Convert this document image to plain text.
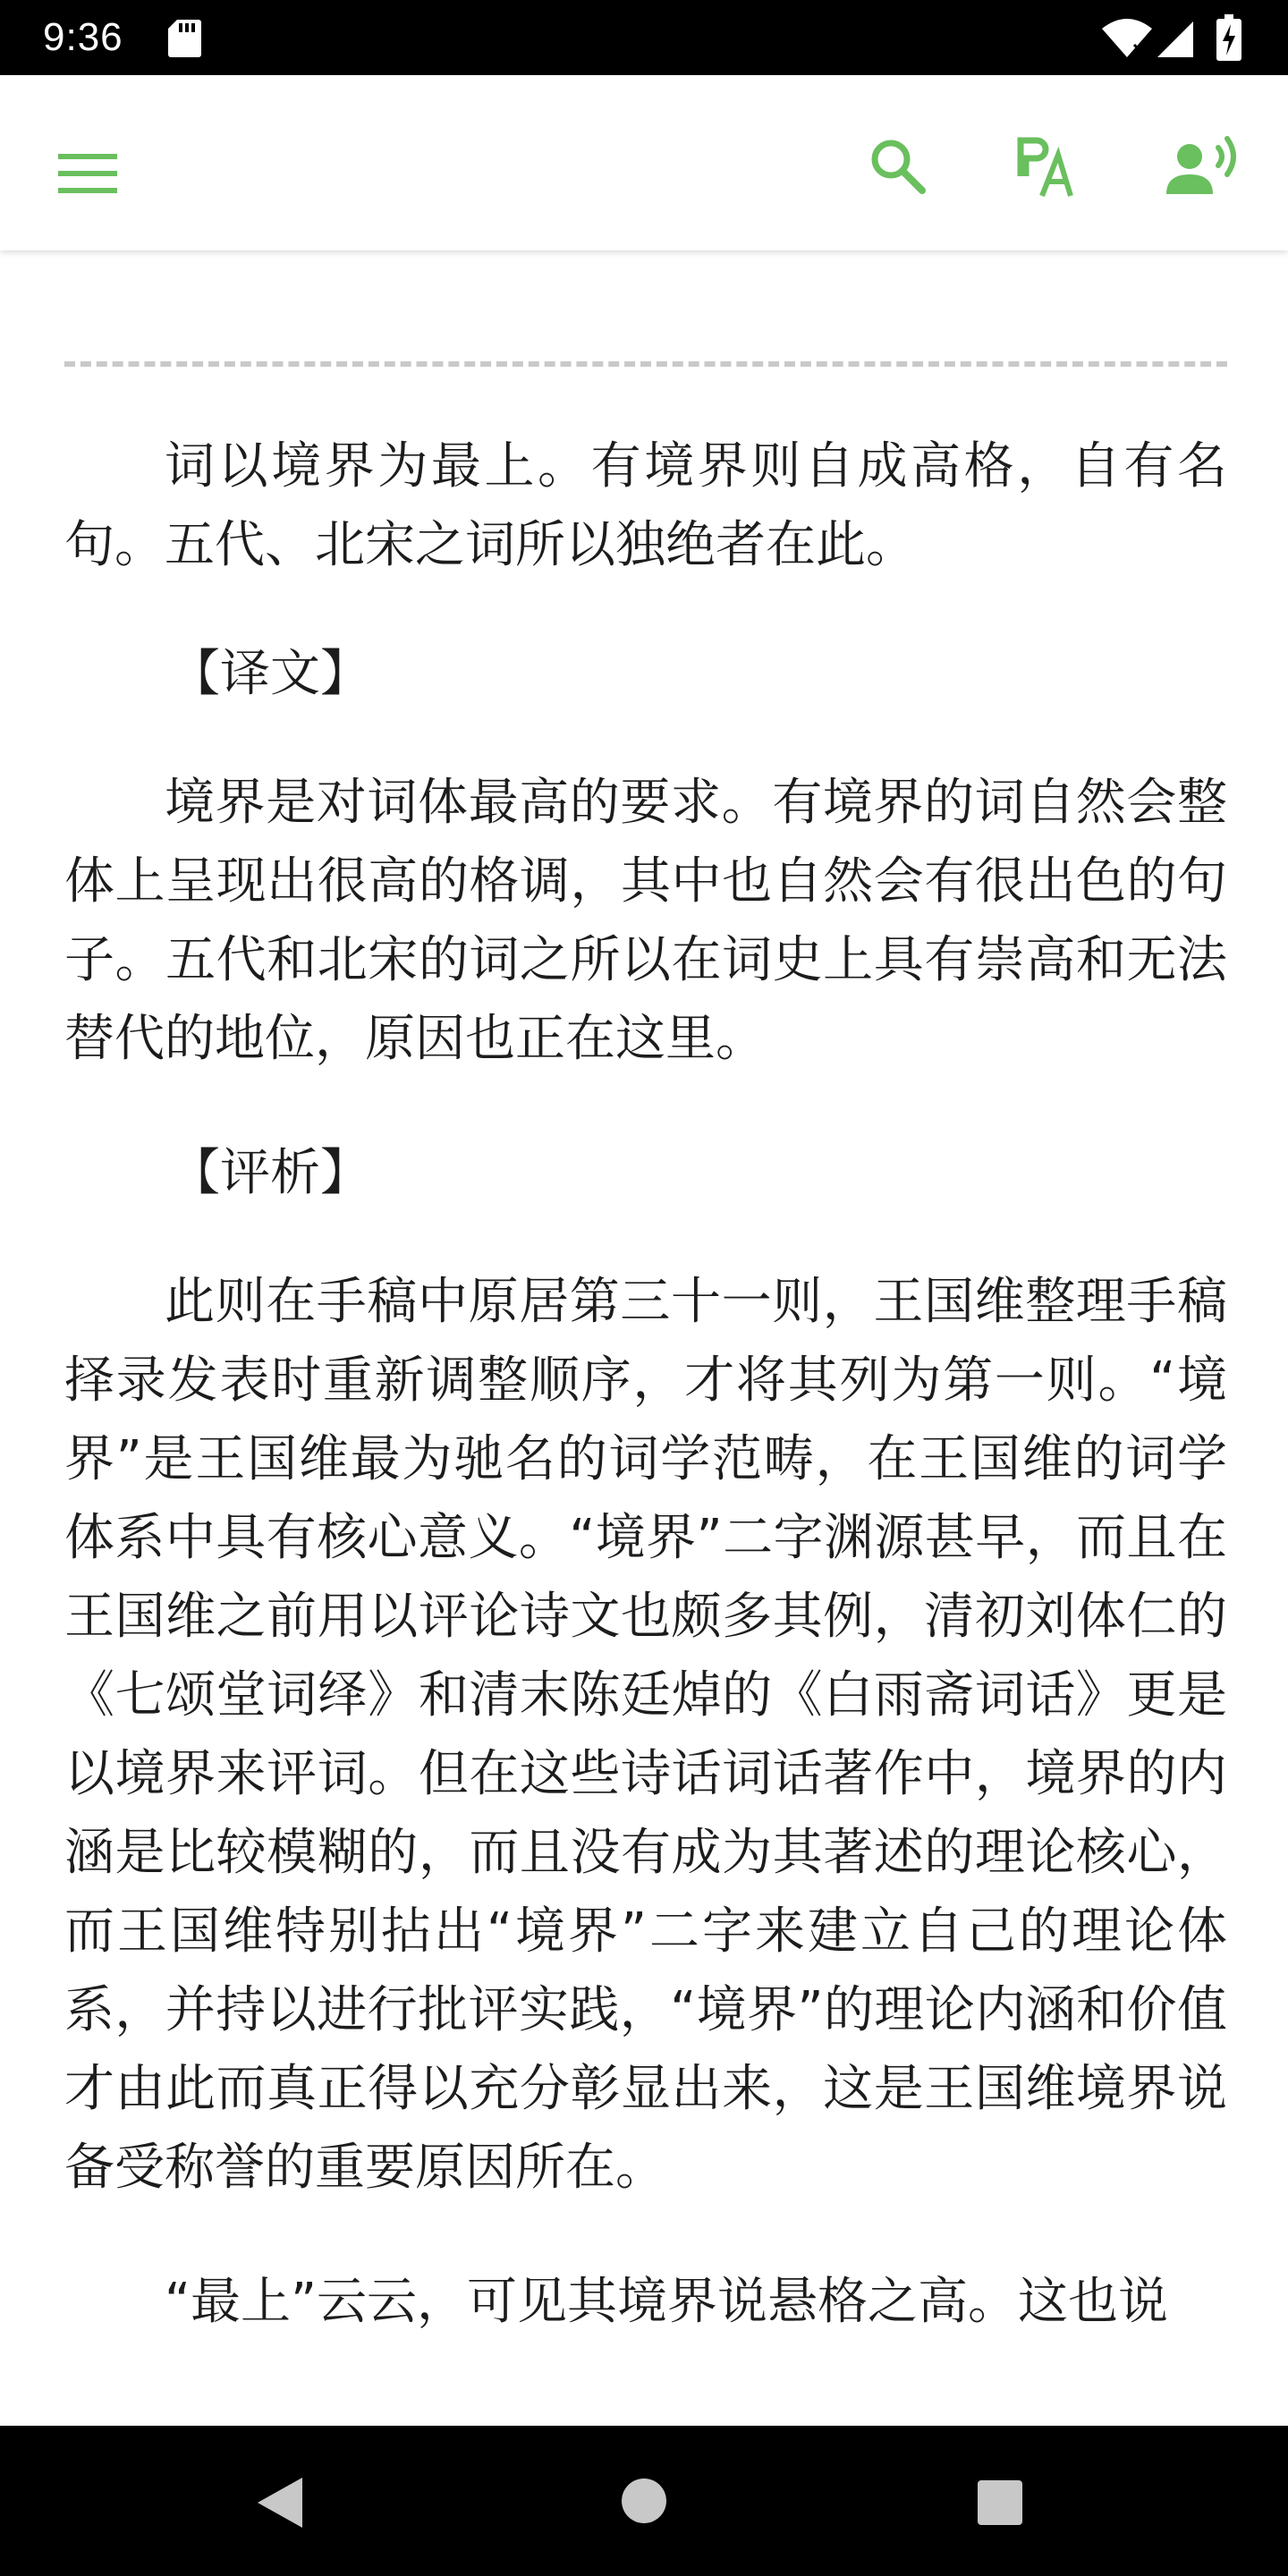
9:36

词以境界为最上。有境界则自成高格，自有名句。五代、北宋之词所以独绝者在此。

【译文】

境界是对词体最高的要求。有境界的词自然会整体上呈现出很高的格调，其中也自然会有很出色的句子。五代和北宋的词之所以在词史上具有崇高和无法替代的地位，原因也正在这里。

【评析】

此则在手稿中原居第三十一则，王国维整理手稿择录发表时重新调整顺序，才将其列为第一则。“境界”是王国维最为驰名的词学范畴，在王国维的词学体系中具有核心意义。“境界”二字渊源甚早，而且在王国维之前用以评论诗文也颇多其例，清初刘体仁的《七颂堂词绎》和清末陈廷焯的《白雨斋词话》更是以境界来评词。但在这些诗话词话著作中，境界的内涵是比较模糊的，而且没有成为其著述的理论核心，而王国维特别拈出“境界”二字来建立自己的理论体系，并持以进行批评实践，“境界”的理论内涵和价值才由此而真正得以充分彰显出来，这是王国维境界说备受称誉的重要原因所在。

“最上”云云，可见其境界说悬格之高。这也说
